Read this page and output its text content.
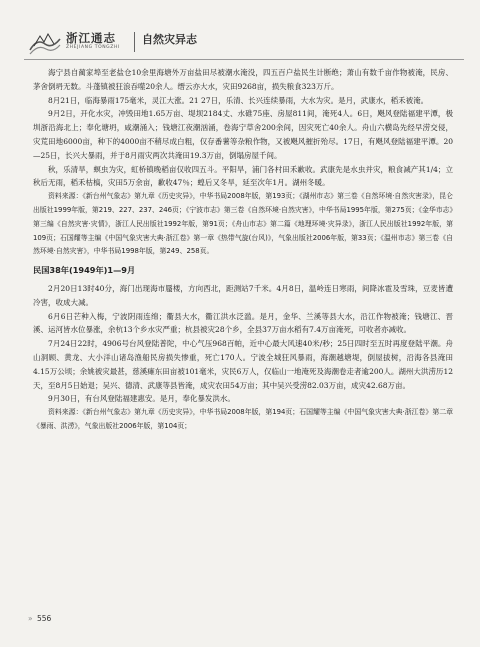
浙江通志
ZHEJIANG TONGZHI
自然灾异志

海宁县自蔺家埠至老盐仓10余里海塘外万亩盐田尽被潮水淹没，四五百户盐民生计断绝；萧山有数千亩作物被淹，民房、茅舍倒坍无数。斗蓬镇被狂浪吞噬20余人。缙云亦大水，灾田9268亩，损失粮食323万斤。

8月21日，临海暴雨175毫米，灵江大涨。21 27日，乐清、长兴连续暴雨，大水为灾。是月，武康水，稻禾被淹。

9月2日，开化水灾，冲毁田地1.65万亩、堤坝2184丈、水碓75座、房屋811间，淹死4人。6日，飓风登陆福建平潭，极圳浙沿海北上；奉化塘坍，咸潮涌入；钱塘江夜潮汹涌，卷海宁草舍200余间，因灾死亡40余人。舟山六横岛先经早涝交侵，灾荒田地6000亩，种下的4000亩不稍尽成白粗，仅存番薯等杂粮作物，又被飓风摧折殆尽。17日，有飓风登陆福建平潭。20—25日，长兴大暴雨，并于8月雨灾两次共淹田19.3万亩，倒塌房屋千间。

秋，乐清旱，螟虫为灾，虹桥镇晚稻亩仅收四五斗。平阳旱，浦门各村田禾歉收。武康先是水虫并灾，粮食减产其1/4；立秋后无雨，稻禾枯槁，灾田5万余亩，歉收47％；蝗后又冬旱，延至次年1月。湖州冬暖。

资料来源：《新台州气象志》第九章《历史灾异》，中华书局2008年版，第193页；《湖州市志》第三卷《自然环境·自然灾害录》，昆仑出版社1999年版，第219、227、237、246页；《宁波市志》第三卷《自然环境·自然灾害》，中华书局1995年版，第275页；《金华市志》第三编《自然灾害·灾情》，浙江人民出版社1992年版，第91页；《舟山市志》第二篇《地理环境·灾异录》，浙江人民出版社1992年版，第109页；石国耀等主编《中国气象灾害大典·浙江卷》第一章《热带气旋(台风)》，气象出版社2006年版，第33页；《温州市志》第三卷《自然环境·自然灾害》，中华书局1998年版，第249、258页。

民国38年(1949年)1—9月

2月20日13时40分，海门出现海市蜃楼，方向西北，距测站7千米。4月8日，温岭连日寒雨，间降冰雹及雪珠，豆麦皆遭冷害，收成大减。

6月6日芒种入梅，宁波阴雨连绵；衢县大水，衢江洪水泛滥。是月，金华、兰溪等县大水，沿江作物被淹；钱塘江、晋溪、运河皆水位暴涨，余杭13个乡水灾严重；杭县被灾28个乡，全县37万亩水稻有7.4万亩淹死，可收者亦减收。

7月24日22时，4906号台风登陆普陀，中心气压968百帕，近中心最大风速40米/秒；25日四时至五时再度登陆平潮。舟山洞顾、黄龙、大小洋山诸岛渔船民房损失惨重，死亡170人。宁波全城狂风暴雨，海潮越塘堤，倒屋拔树，沿海各县淹田4.15万公顷；余姚被灾最甚，慈溪瘫东田亩被101毫米，灾民6万人，仅临山一地淹死及海潮卷走者逾200人。湖州大洪涝历12天，至8月5日始退；吴兴、德清、武康等县皆淹，成灾农田54万亩；其中吴兴受涝82.03万亩，成灾42.68万亩。

9月30日，有台风登陆福建惠安。是月，奉化暴发洪水。

资料来源：《新台州气象志》第九章《历史灾异》，中华书局2008年版，第194页；石国耀等主编《中国气象灾害大典·浙江卷》第二章《暴雨、洪涝》，气象出版社2006年版，第104页；

» 556
